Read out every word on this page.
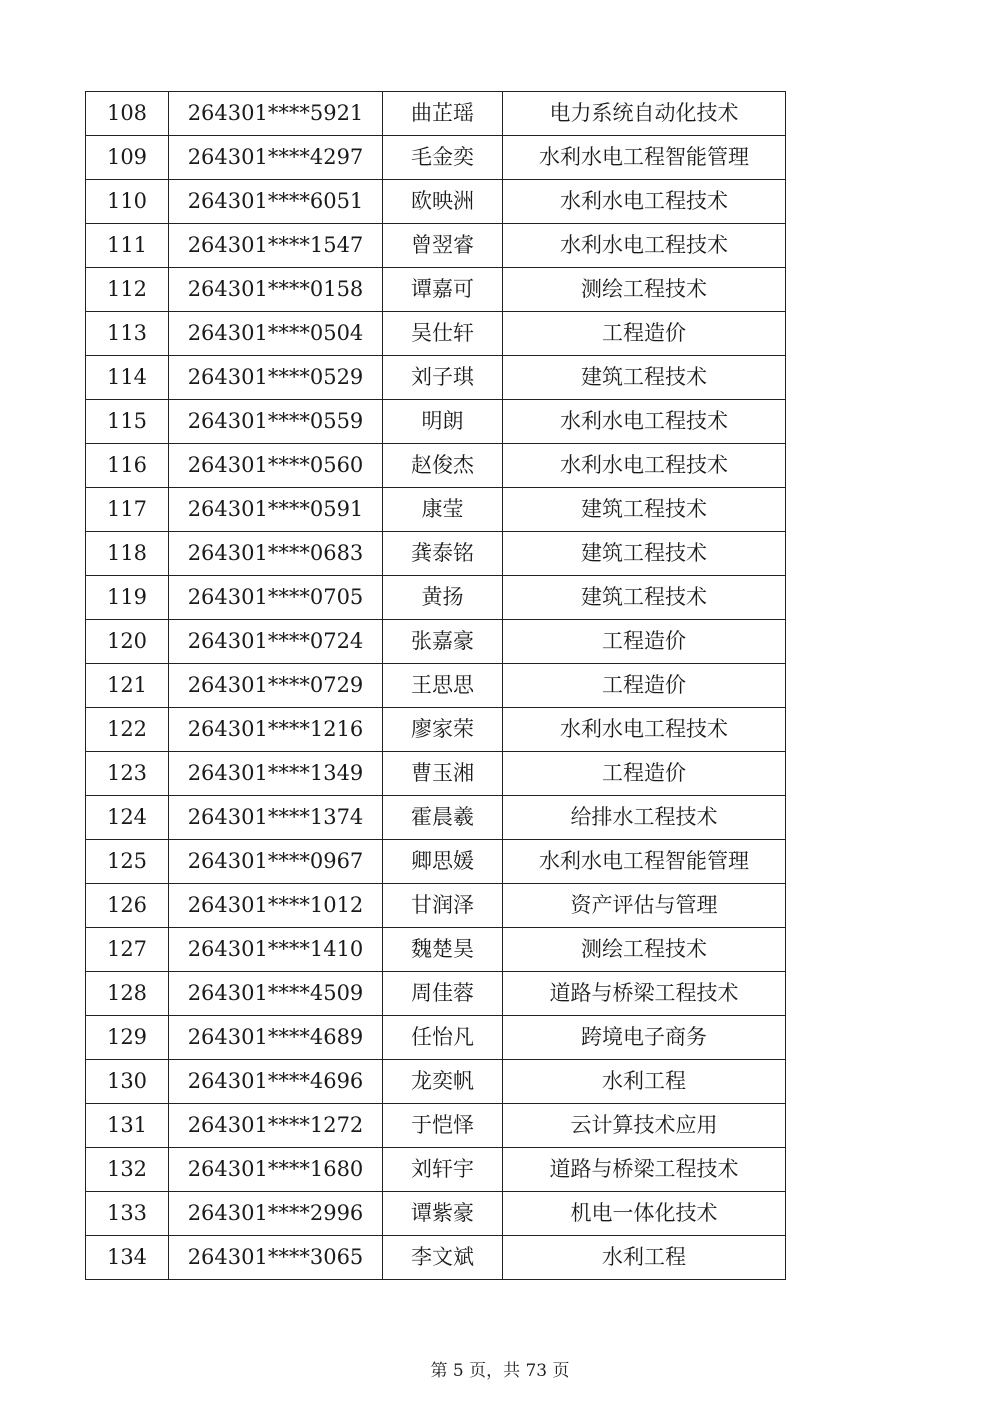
108	264301****5921	曲芷瑶	电力系统自动化技术
109	264301****4297	毛金奕	水利水电工程智能管理
110	264301****6051	欧映洲	水利水电工程技术
111	264301****1547	曾翌睿	水利水电工程技术
112	264301****0158	谭嘉可	测绘工程技术
113	264301****0504	吴仕轩	工程造价
114	264301****0529	刘子琪	建筑工程技术
115	264301****0559	明朗	水利水电工程技术
116	264301****0560	赵俊杰	水利水电工程技术
117	264301****0591	康莹	建筑工程技术
118	264301****0683	龚泰铭	建筑工程技术
119	264301****0705	黄扬	建筑工程技术
120	264301****0724	张嘉豪	工程造价
121	264301****0729	王思思	工程造价
122	264301****1216	廖家荣	水利水电工程技术
123	264301****1349	曹玉湘	工程造价
124	264301****1374	霍晨羲	给排水工程技术
125	264301****0967	卿思媛	水利水电工程智能管理
126	264301****1012	甘润泽	资产评估与管理
127	264301****1410	魏楚昊	测绘工程技术
128	264301****4509	周佳蓉	道路与桥梁工程技术
129	264301****4689	任怡凡	跨境电子商务
130	264301****4696	龙奕帆	水利工程
131	264301****1272	于恺怿	云计算技术应用
132	264301****1680	刘轩宇	道路与桥梁工程技术
133	264301****2996	谭紫豪	机电一体化技术
134	264301****3065	李文斌	水利工程
第 5 页，共 73 页
